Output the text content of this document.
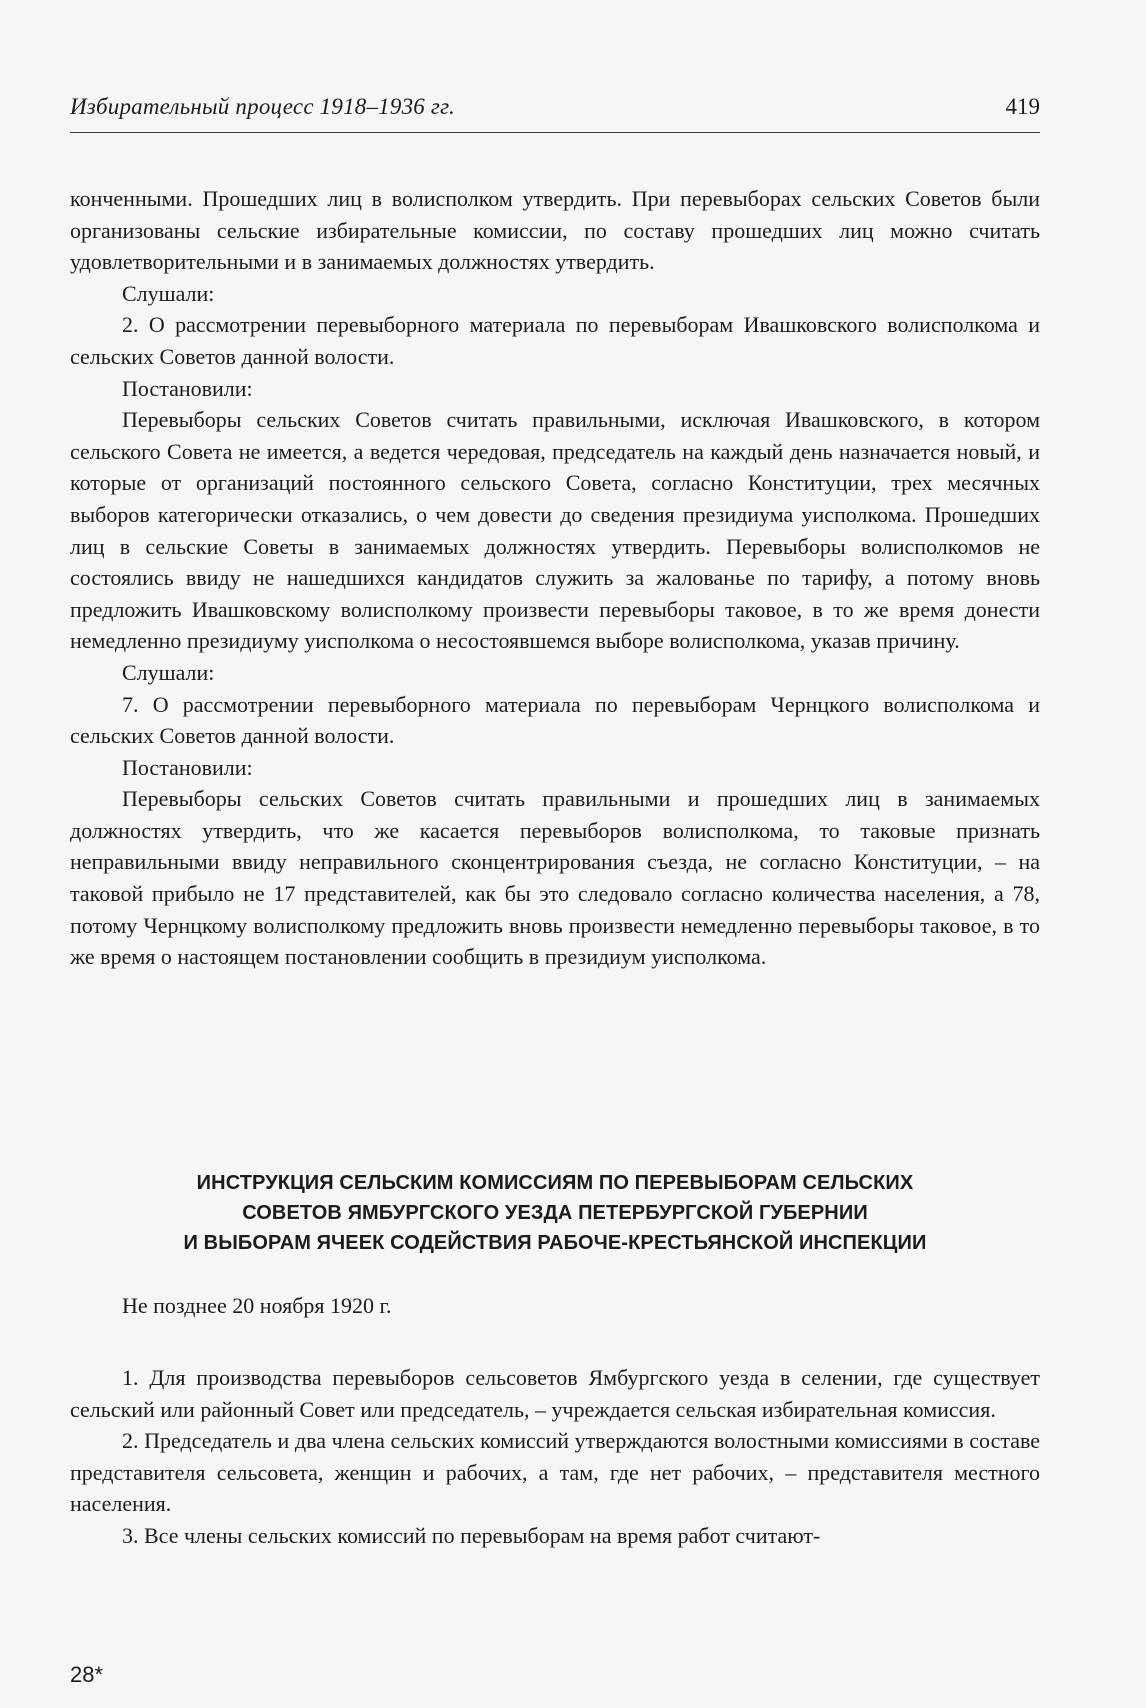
Избирательный процесс 1918–1936 гг.	419

конченными. Прошедших лиц в волисполком утвердить. При перевыборах сельских Советов были организованы сельские избирательные комиссии, по составу прошедших лиц можно считать удовлетворительными и в занимаемых должностях утвердить.

Слушали:

2. О рассмотрении перевыборного материала по перевыборам Ивашковского волисполкома и сельских Советов данной волости.

Постановили:

Перевыборы сельских Советов считать правильными, исключая Ивашковского, в котором сельского Совета не имеется, а ведется чередовая, председатель на каждый день назначается новый, и которые от организаций постоянного сельского Совета, согласно Конституции, трех месячных выборов категорически отказались, о чем довести до сведения президиума уисполкома. Прошедших лиц в сельские Советы в занимаемых должностях утвердить. Перевыборы волисполкомов не состоялись ввиду не нашедшихся кандидатов служить за жалованье по тарифу, а потому вновь предложить Ивашковскому волисполкому произвести перевыборы таковое, в то же время донести немедленно президиуму уисполкома о несостоявшемся выборе волисполкома, указав причину.

Слушали:

7. О рассмотрении перевыборного материала по перевыборам Чернцкого волисполкома и сельских Советов данной волости.

Постановили:

Перевыборы сельских Советов считать правильными и прошедших лиц в занимаемых должностях утвердить, что же касается перевыборов волисполкома, то таковые признать неправильными ввиду неправильного сконцентрирования съезда, не согласно Конституции, – на таковой прибыло не 17 представителей, как бы это следовало согласно количества населения, а 78, потому Чернцкому волисполкому предложить вновь произвести немедленно перевыборы таковое, в то же время о настоящем постановлении сообщить в президиум уисполкома.

ИНСТРУКЦИЯ СЕЛЬСКИМ КОМИССИЯМ ПО ПЕРЕВЫБОРАМ СЕЛЬСКИХ
СОВЕТОВ ЯМБУРГСКОГО УЕЗДА ПЕТЕРБУРГСКОЙ ГУБЕРНИИ
И ВЫБОРАМ ЯЧЕЕК СОДЕЙСТВИЯ РАБОЧЕ-КРЕСТЬЯНСКОЙ ИНСПЕКЦИИ
Не позднее 20 ноября 1920 г.

1. Для производства перевыборов сельсоветов Ямбургского уезда в селении, где существует сельский или районный Совет или председатель, – учреждается сельская избирательная комиссия.

2. Председатель и два члена сельских комиссий утверждаются волостными комиссиями в составе представителя сельсовета, женщин и рабочих, а там, где нет рабочих, – представителя местного населения.

3. Все члены сельских комиссий по перевыборам на время работ считают-

28*
